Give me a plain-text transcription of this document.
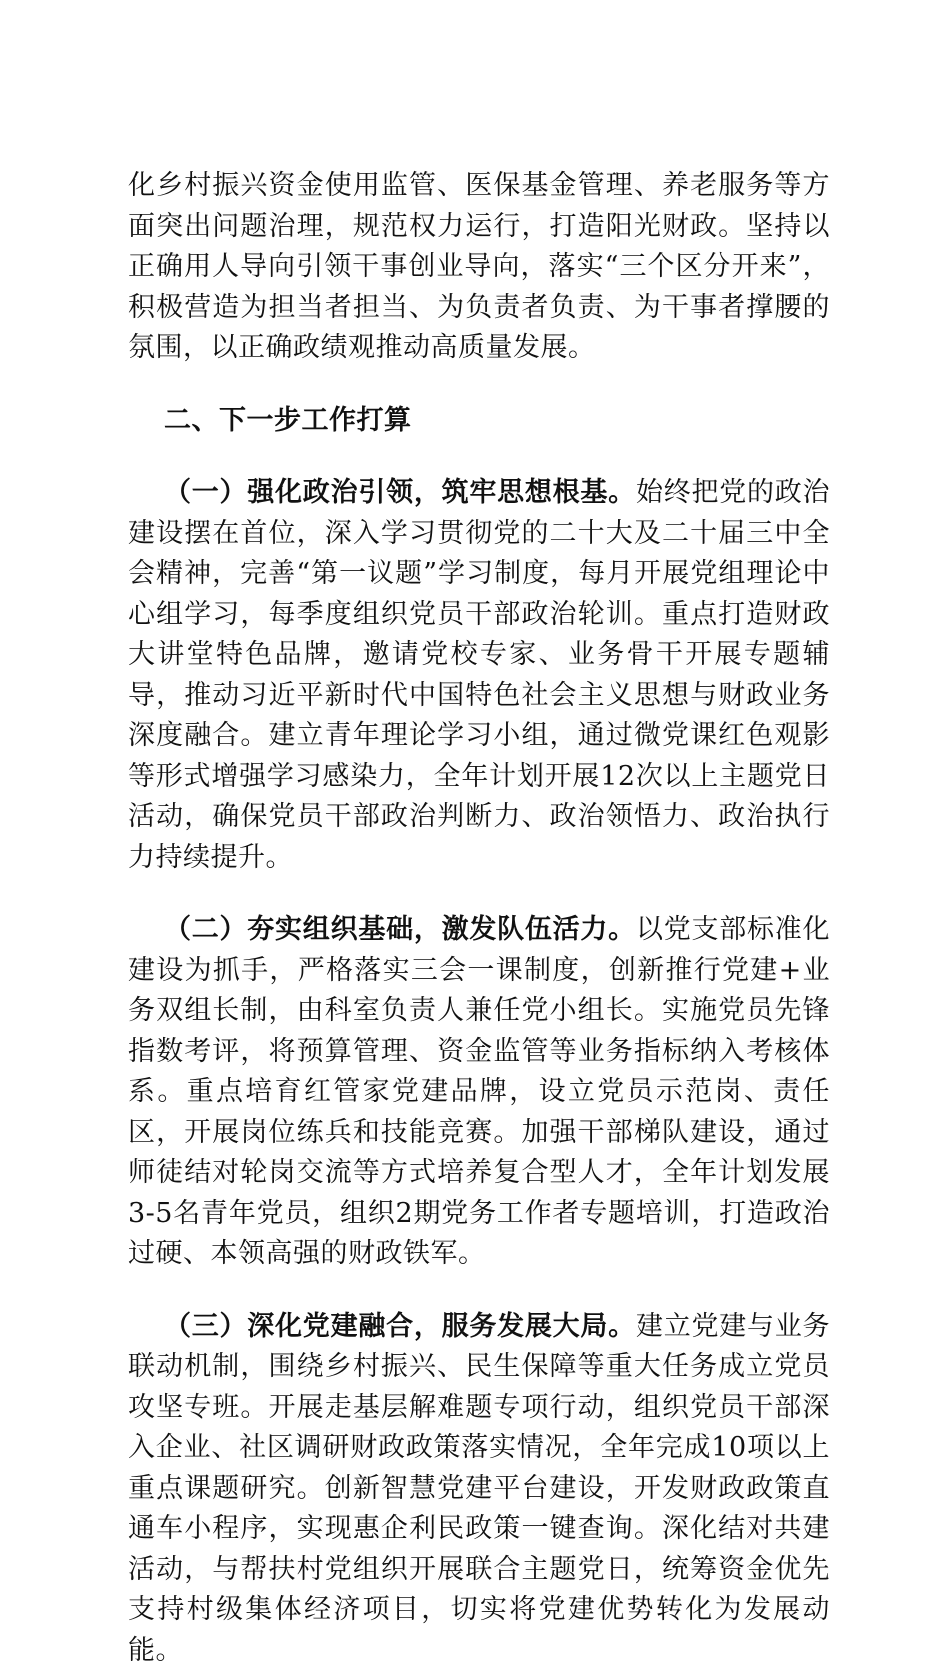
化乡村振兴资金使用监管、医保基金管理、养老服务等方面突出问题治理，规范权力运行，打造阳光财政。坚持以正确用人导向引领干事创业导向，落实“三个区分开来”，积极营造为担当者担当、为负责者负责、为干事者撑腰的氛围，以正确政绩观推动高质量发展。

二、下一步工作打算

（一）强化政治引领，筑牢思想根基。始终把党的政治建设摆在首位，深入学习贯彻党的二十大及二十届三中全会精神，完善“第一议题”学习制度，每月开展党组理论中心组学习，每季度组织党员干部政治轮训。重点打造财政大讲堂特色品牌，邀请党校专家、业务骨干开展专题辅导，推动习近平新时代中国特色社会主义思想与财政业务深度融合。建立青年理论学习小组，通过微党课红色观影等形式增强学习感染力，全年计划开展12次以上主题党日活动，确保党员干部政治判断力、政治领悟力、政治执行力持续提升。

（二）夯实组织基础，激发队伍活力。以党支部标准化建设为抓手，严格落实三会一课制度，创新推行党建+业务双组长制，由科室负责人兼任党小组长。实施党员先锋指数考评，将预算管理、资金监管等业务指标纳入考核体系。重点培育红管家党建品牌，设立党员示范岗、责任区，开展岗位练兵和技能竞赛。加强干部梯队建设，通过师徒结对轮岗交流等方式培养复合型人才，全年计划发展3-5名青年党员，组织2期党务工作者专题培训，打造政治过硬、本领高强的财政铁军。

（三）深化党建融合，服务发展大局。建立党建与业务联动机制，围绕乡村振兴、民生保障等重大任务成立党员攻坚专班。开展走基层解难题专项行动，组织党员干部深入企业、社区调研财政政策落实情况，全年完成10项以上重点课题研究。创新智慧党建平台建设，开发财政政策直通车小程序，实现惠企利民政策一键查询。深化结对共建活动，与帮扶村党组织开展联合主题党日，统筹资金优先支持村级集体经济项目，切实将党建优势转化为发展动能。
